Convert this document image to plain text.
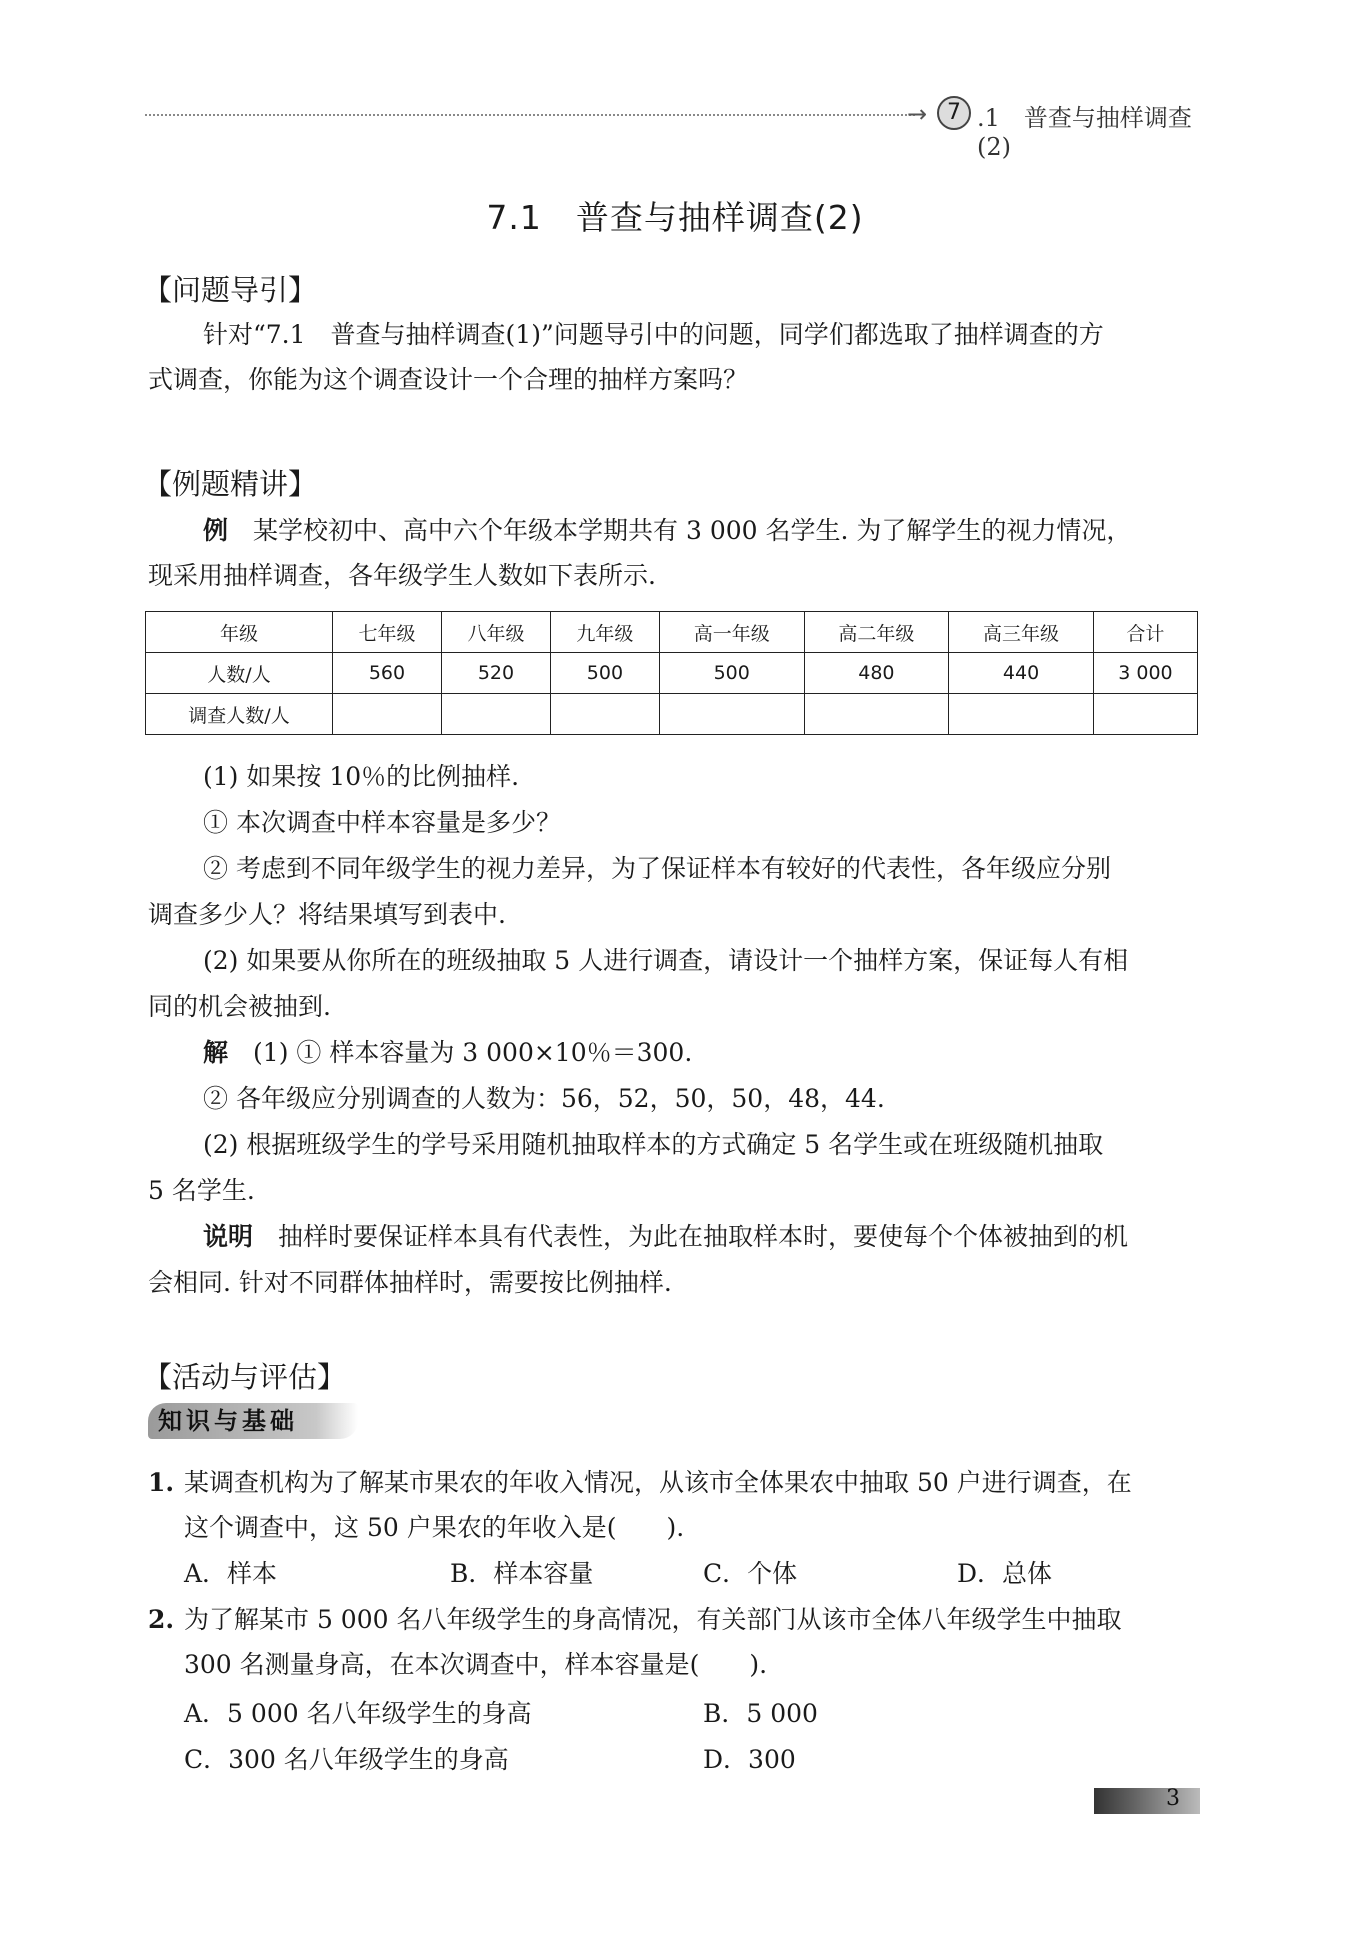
→ 7 .1　普查与抽样调查(2)
7.1　普查与抽样调查(2)
【问题导引】
针对“7.1　普查与抽样调查(1)”问题导引中的问题，同学们都选取了抽样调查的方
式调查，你能为这个调查设计一个合理的抽样方案吗？
【例题精讲】
例　 某学校初中、高中六个年级本学期共有 3 000 名学生. 为了解学生的视力情况，
现采用抽样调查，各年级学生人数如下表所示.
年级	七年级	八年级	九年级	高一年级	高二年级	高三年级	合计
人数/人	560	520	500	500	480	440	3 000
调查人数/人							
(1) 如果按 10％的比例抽样.
① 本次调查中样本容量是多少？
② 考虑到不同年级学生的视力差异，为了保证样本有较好的代表性，各年级应分别
调查多少人？将结果填写到表中.
(2) 如果要从你所在的班级抽取 5 人进行调查，请设计一个抽样方案，保证每人有相
同的机会被抽到.
解　 (1) ① 样本容量为 3 000×10％＝300.
② 各年级应分别调查的人数为：56，52，50，50，48，44.
(2) 根据班级学生的学号采用随机抽取样本的方式确定 5 名学生或在班级随机抽取
5 名学生.
说明　 抽样时要保证样本具有代表性，为此在抽取样本时，要使每个个体被抽到的机
会相同. 针对不同群体抽样时，需要按比例抽样.
【活动与评估】
知识与基础
1. 某调查机构为了解某市果农的年收入情况，从该市全体果农中抽取 50 户进行调查，在
这个调查中，这 50 户果农的年收入是(　　).
A．样本	B．样本容量	C．个体	D．总体
2. 为了解某市 5 000 名八年级学生的身高情况，有关部门从该市全体八年级学生中抽取
300 名测量身高，在本次调查中，样本容量是(　　).
A．5 000 名八年级学生的身高	B．5 000
C．300 名八年级学生的身高	D．300
3
